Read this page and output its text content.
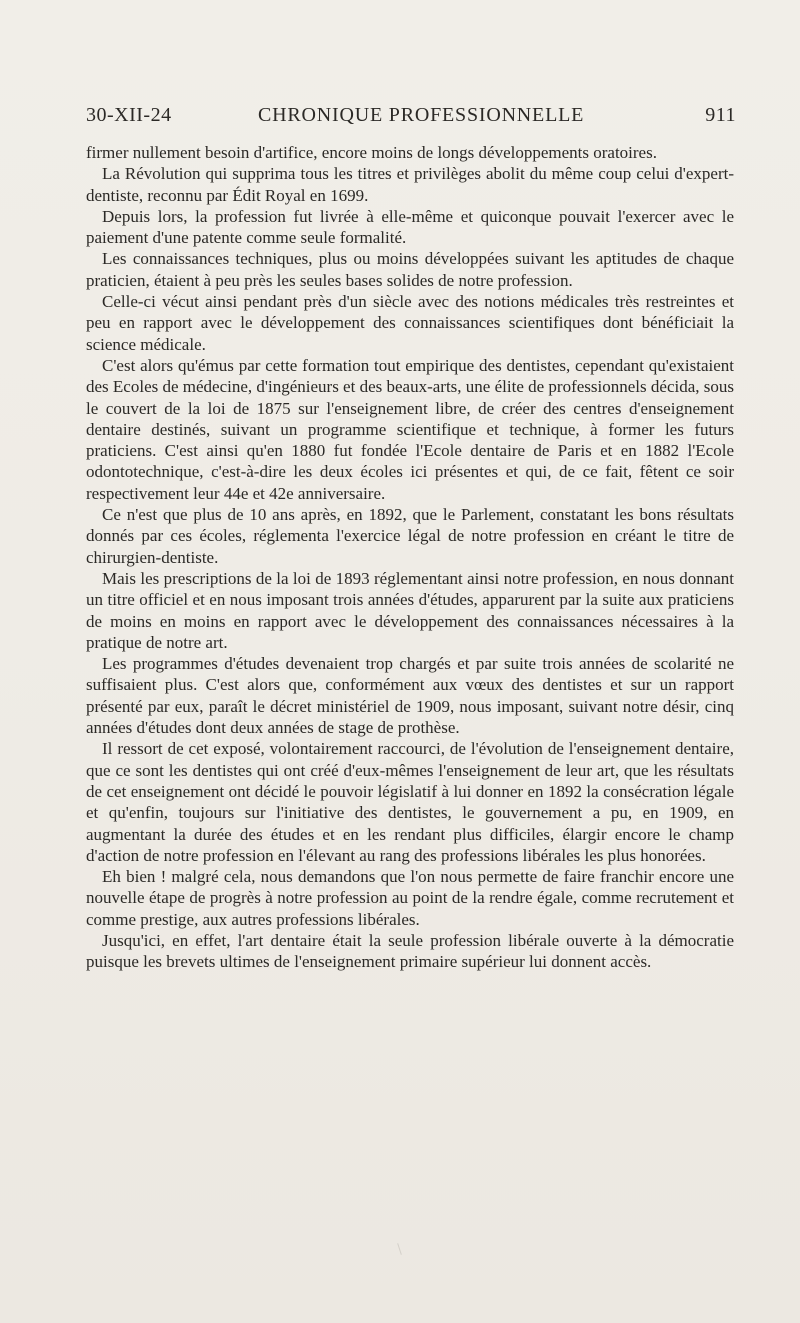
30-XII-24	CHRONIQUE PROFESSIONNELLE	911

firmer nullement besoin d'artifice, encore moins de longs développements oratoires.

La Révolution qui supprima tous les titres et privilèges abolit du même coup celui d'expert-dentiste, reconnu par Édit Royal en 1699.

Depuis lors, la profession fut livrée à elle-même et quiconque pouvait l'exercer avec le paiement d'une patente comme seule formalité.

Les connaissances techniques, plus ou moins développées suivant les aptitudes de chaque praticien, étaient à peu près les seules bases solides de notre profession.

Celle-ci vécut ainsi pendant près d'un siècle avec des notions médicales très restreintes et peu en rapport avec le développement des connaissances scientifiques dont bénéficiait la science médicale.

C'est alors qu'émus par cette formation tout empirique des dentistes, cependant qu'existaient des Ecoles de médecine, d'ingénieurs et des beaux-arts, une élite de professionnels décida, sous le couvert de la loi de 1875 sur l'enseignement libre, de créer des centres d'enseignement dentaire destinés, suivant un programme scientifique et technique, à former les futurs praticiens. C'est ainsi qu'en 1880 fut fondée l'Ecole dentaire de Paris et en 1882 l'Ecole odontotechnique, c'est-à-dire les deux écoles ici présentes et qui, de ce fait, fêtent ce soir respectivement leur 44e et 42e anniversaire.

Ce n'est que plus de 10 ans après, en 1892, que le Parlement, constatant les bons résultats donnés par ces écoles, réglementa l'exercice légal de notre profession en créant le titre de chirurgien-dentiste.

Mais les prescriptions de la loi de 1893 réglementant ainsi notre profession, en nous donnant un titre officiel et en nous imposant trois années d'études, apparurent par la suite aux praticiens de moins en moins en rapport avec le développement des connaissances nécessaires à la pratique de notre art.

Les programmes d'études devenaient trop chargés et par suite trois années de scolarité ne suffisaient plus. C'est alors que, conformément aux vœux des dentistes et sur un rapport présenté par eux, paraît le décret ministériel de 1909, nous imposant, suivant notre désir, cinq années d'études dont deux années de stage de prothèse.

Il ressort de cet exposé, volontairement raccourci, de l'évolution de l'enseignement dentaire, que ce sont les dentistes qui ont créé d'eux-mêmes l'enseignement de leur art, que les résultats de cet enseignement ont décidé le pouvoir législatif à lui donner en 1892 la consécration légale et qu'enfin, toujours sur l'initiative des dentistes, le gouvernement a pu, en 1909, en augmentant la durée des études et en les rendant plus difficiles, élargir encore le champ d'action de notre profession en l'élevant au rang des professions libérales les plus honorées.

Eh bien ! malgré cela, nous demandons que l'on nous permette de faire franchir encore une nouvelle étape de progrès à notre profession au point de la rendre égale, comme recrutement et comme prestige, aux autres professions libérales.

Jusqu'ici, en effet, l'art dentaire était la seule profession libérale ouverte à la démocratie puisque les brevets ultimes de l'enseignement primaire supérieur lui donnent accès.
